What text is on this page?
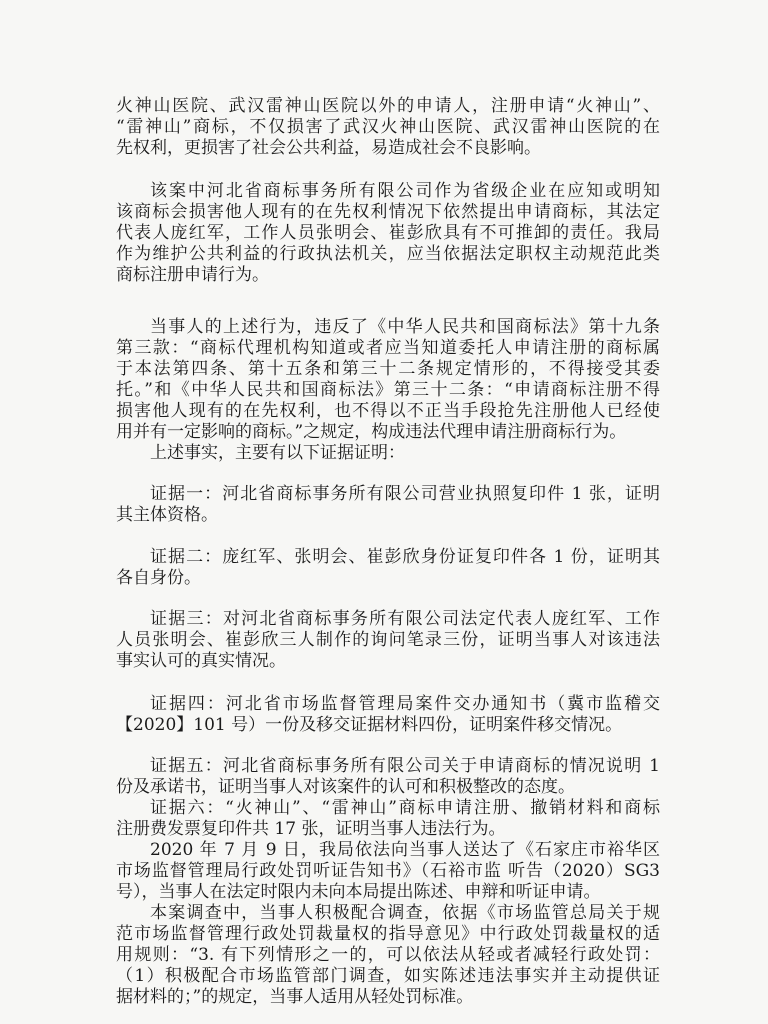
火神山医院、武汉雷神山医院以外的申请人，注册申请“火神山”、
“雷神山”商标，不仅损害了武汉火神山医院、武汉雷神山医院的在
先权利，更损害了社会公共利益，易造成社会不良影响。
该案中河北省商标事务所有限公司作为省级企业在应知或明知
该商标会损害他人现有的在先权利情况下依然提出申请商标，其法定
代表人庞红军，工作人员张明会、崔彭欣具有不可推卸的责任。我局
作为维护公共利益的行政执法机关，应当依据法定职权主动规范此类
商标注册申请行为。
当事人的上述行为，违反了《中华人民共和国商标法》第十九条
第三款：“商标代理机构知道或者应当知道委托人申请注册的商标属
于本法第四条、第十五条和第三十二条规定情形的，不得接受其委
托。”和《中华人民共和国商标法》第三十二条：“申请商标注册不得
损害他人现有的在先权利，也不得以不正当手段抢先注册他人已经使
用并有一定影响的商标。”之规定，构成违法代理申请注册商标行为。
上述事实，主要有以下证据证明：
证据一：河北省商标事务所有限公司营业执照复印件 1 张，证明
其主体资格。
证据二：庞红军、张明会、崔彭欣身份证复印件各 1 份，证明其
各自身份。
证据三：对河北省商标事务所有限公司法定代表人庞红军、工作
人员张明会、崔彭欣三人制作的询问笔录三份，证明当事人对该违法
事实认可的真实情况。
证据四：河北省市场监督管理局案件交办通知书（冀市监稽交
【2020】101 号）一份及移交证据材料四份，证明案件移交情况。
证据五：河北省商标事务所有限公司关于申请商标的情况说明 1
份及承诺书，证明当事人对该案件的认可和积极整改的态度。
证据六：“火神山”、“雷神山”商标申请注册、撤销材料和商标
注册费发票复印件共 17 张，证明当事人违法行为。
2020 年 7 月 9 日，我局依法向当事人送达了《石家庄市裕华区
市场监督管理局行政处罚听证告知书》（石裕市监 听告（2020）SG3
号），当事人在法定时限内未向本局提出陈述、申辩和听证申请。
本案调查中，当事人积极配合调查，依据《市场监管总局关于规
范市场监督管理行政处罚裁量权的指导意见》中行政处罚裁量权的适
用规则：“3. 有下列情形之一的，可以依法从轻或者减轻行政处罚：
（1）积极配合市场监管部门调查，如实陈述违法事实并主动提供证
据材料的；”的规定，当事人适用从轻处罚标准。
